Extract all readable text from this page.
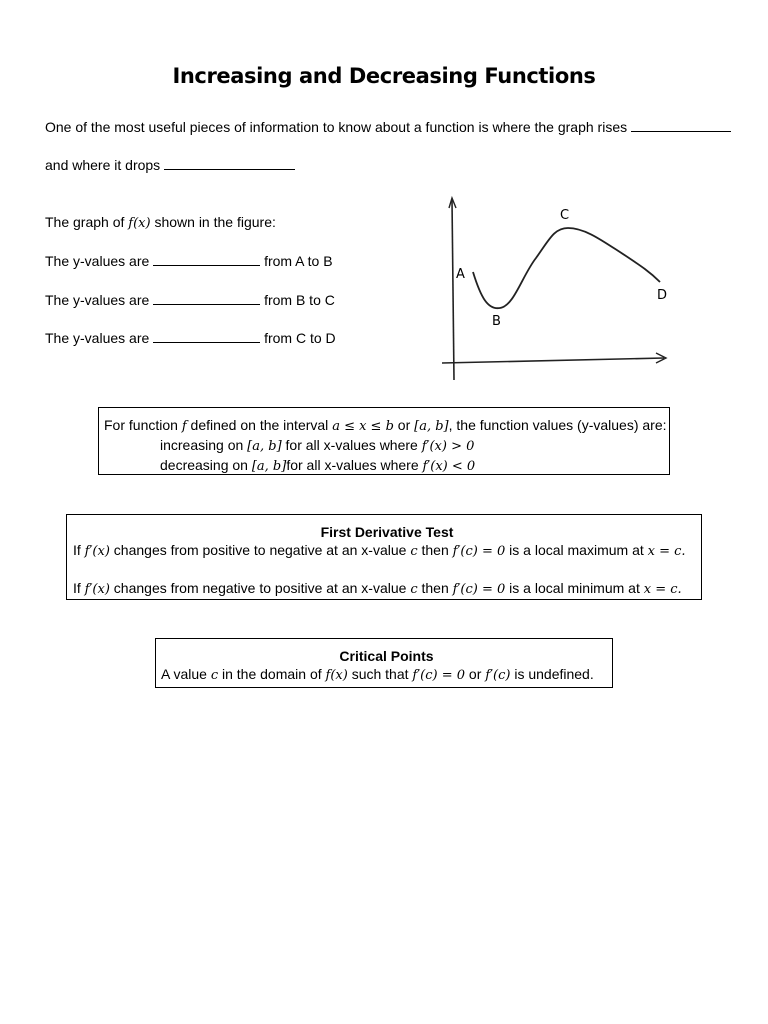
Increasing and Decreasing Functions
One of the most useful pieces of information to know about a function is where the graph rises
and where it drops
The graph of f(x) shown in the figure:
The y-values are	from A to B
The y-values are	from B to C
The y-values are	from C to D
A
B
C
D
For function f defined on the interval a ≤ x ≤ b or [a, b], the function values (y-values) are:
increasing on [a, b] for all x-values where f′(x) > 0
decreasing on [a, b]for all x-values where f′(x) < 0
First Derivative Test
If f′(x) changes from positive to negative at an x-value c then f′(c) = 0 is a local maximum at x = c.
If f′(x) changes from negative to positive at an x-value c then f′(c) = 0 is a local minimum at x = c.
Critical Points
A value c in the domain of f(x) such that f′(c) = 0 or f′(c) is undefined.
